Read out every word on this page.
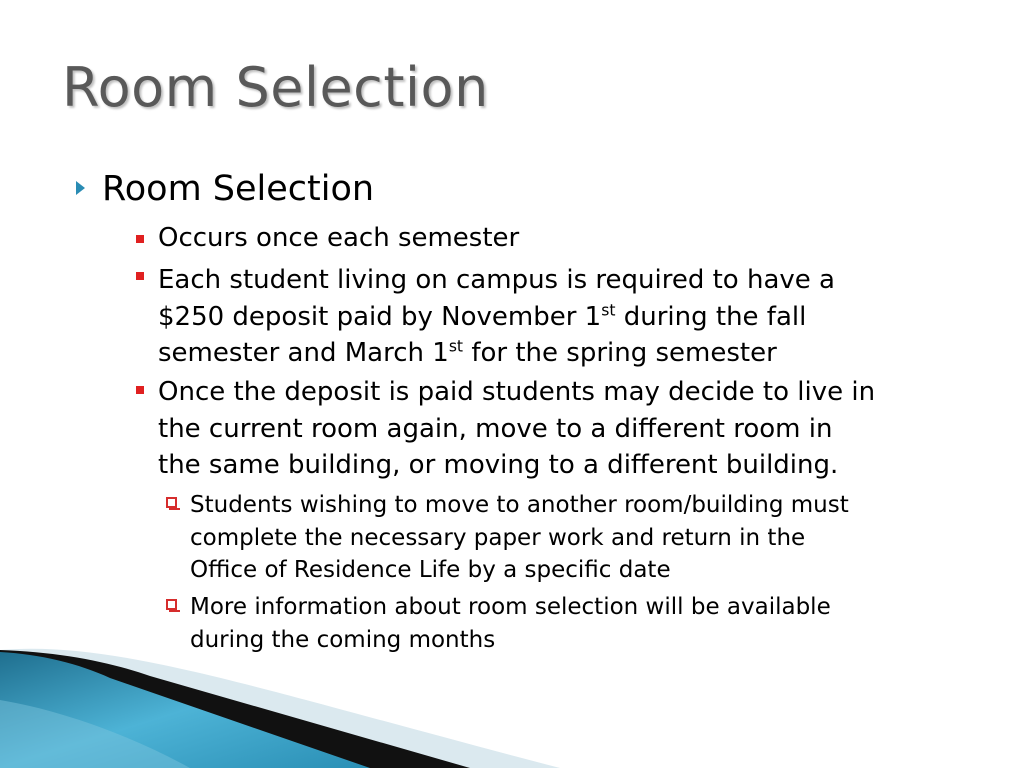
Room Selection
Room Selection
Occurs once each semester
Each student living on campus is required to have a
$250 deposit paid by November 1st during the fall
semester and March 1st for the spring semester
Once the deposit is paid students may decide to live in
the current room again, move to a different room in
the same building, or moving to a different building.
Students wishing to move to another room/building must
complete the necessary paper work and return in the
Office of Residence Life by a specific date
More information about room selection will be available
during the coming months
